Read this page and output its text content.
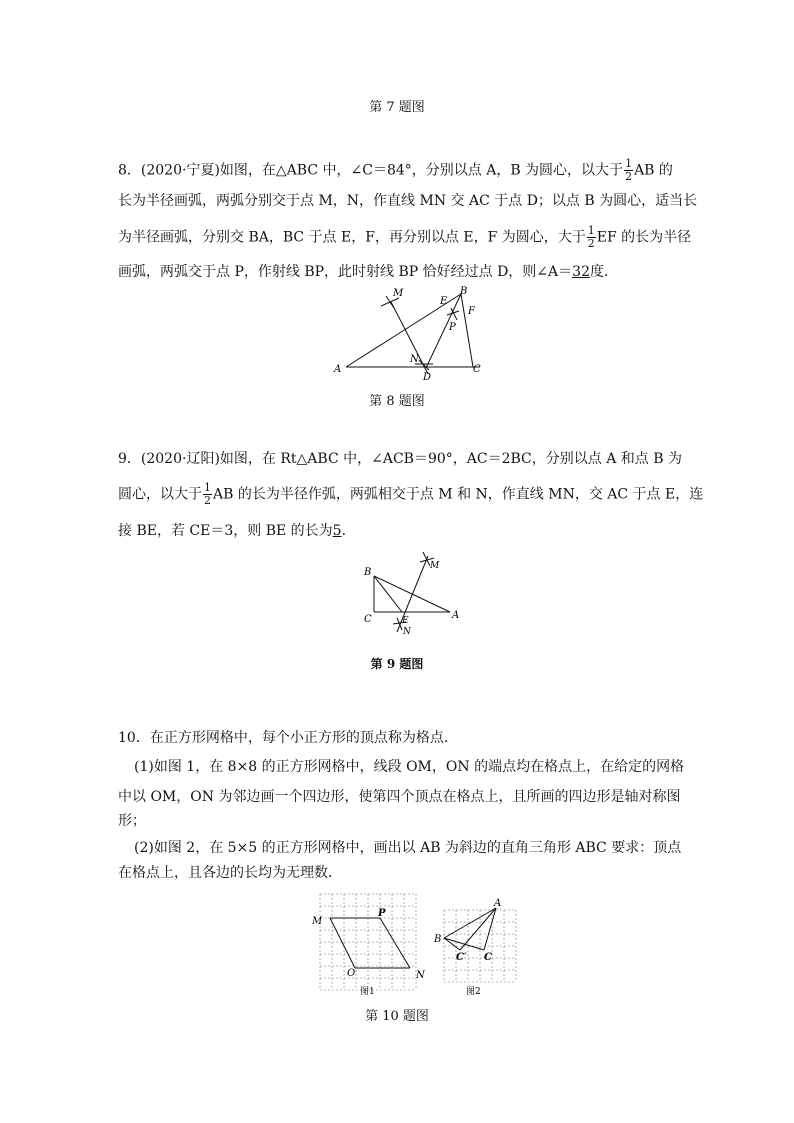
第 7 题图
8．(2020·宁夏)如图，在△ABC 中，∠C＝84°，分别以点 A，B 为圆心，以大于 $\frac{1}{2}$ AB 的
长为半径画弧，两弧分别交于点 M，N，作直线 MN 交 AC 于点 D；以点 B 为圆心，适当长
为半径画弧，分别交 BA，BC 于点 E，F，再分别以点 E，F 为圆心，大于 $\frac{1}{2}$ EF 的长为半径
画弧，两弧交于点 P，作射线 BP，此时射线 BP 恰好经过点 D，则∠A＝32度．
A
B
C
D
E
F
M
N
P
第 8 题图
9．(2020·辽阳)如图，在 Rt△ABC 中，∠ACB＝90°，AC＝2BC，分别以点 A 和点 B 为
圆心，以大于 $\frac{1}{2}$ AB 的长为半径作弧，两弧相交于点 M 和 N，作直线 MN，交 AC 于点 E，连
接 BE，若 CE＝3，则 BE 的长为5.
B
C	A
E
M
N
第 9 题图
10．在正方形网格中，每个小正方形的顶点称为格点．
(1)如图 1，在 8×8 的正方形网格中，线段 OM，ON 的端点均在格点上，在给定的网格
中以 OM，ON 为邻边画一个四边形，使第四个顶点在格点上，且所画的四边形是轴对称图
形；
(2)如图 2，在 5×5 的正方形网格中，画出以 AB 为斜边的直角三角形 ABC 要求：顶点
在格点上，且各边的长均为无理数．
M
P
O	N
A
B
C′ C
图1	图2
第 10 题图
